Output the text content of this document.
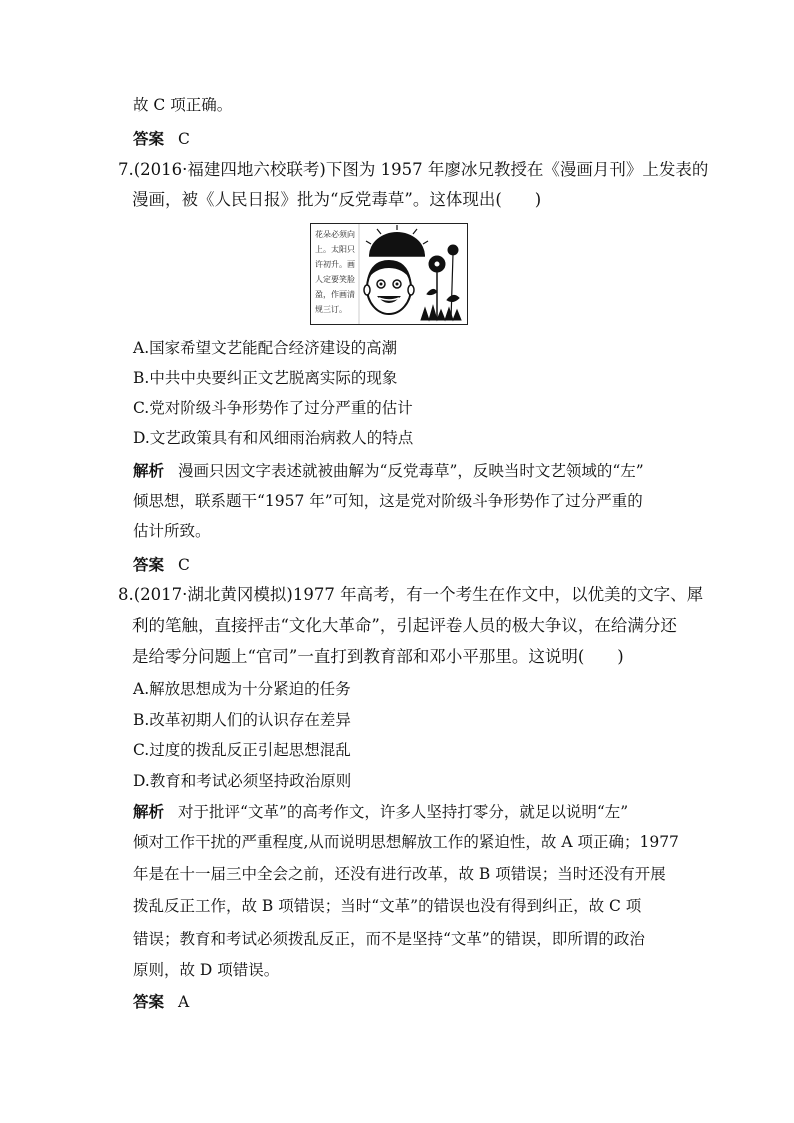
故 C 项正确。
答案 C
7.(2016·福建四地六校联考)下图为 1957 年廖冰兄教授在《漫画月刊》上发表的
漫画，被《人民日报》批为“反党毒草”。这体现出(　　)
花朵必须向
上。太阳只
许初升。画
人定要笑脸
盈，作画清
规三订。
A.国家希望文艺能配合经济建设的高潮
B.中共中央要纠正文艺脱离实际的现象
C.党对阶级斗争形势作了过分严重的估计
D.文艺政策具有和风细雨治病救人的特点
解析 漫画只因文字表述就被曲解为“反党毒草”，反映当时文艺领域的“左”
倾思想，联系题干“1957 年”可知，这是党对阶级斗争形势作了过分严重的
估计所致。
答案 C
8.(2017·湖北黄冈模拟)1977 年高考，有一个考生在作文中，以优美的文字、犀
利的笔触，直接抨击“文化大革命”，引起评卷人员的极大争议，在给满分还
是给零分问题上“官司”一直打到教育部和邓小平那里。这说明(　　)
A.解放思想成为十分紧迫的任务
B.改革初期人们的认识存在差异
C.过度的拨乱反正引起思想混乱
D.教育和考试必须坚持政治原则
解析 对于批评“文革”的高考作文，许多人坚持打零分，就足以说明“左”
倾对工作干扰的严重程度,从而说明思想解放工作的紧迫性，故 A 项正确；1977
年是在十一届三中全会之前，还没有进行改革，故 B 项错误；当时还没有开展
拨乱反正工作，故 B 项错误；当时“文革”的错误也没有得到纠正，故 C 项
错误；教育和考试必须拨乱反正，而不是坚持“文革”的错误，即所谓的政治
原则，故 D 项错误。
答案 A
